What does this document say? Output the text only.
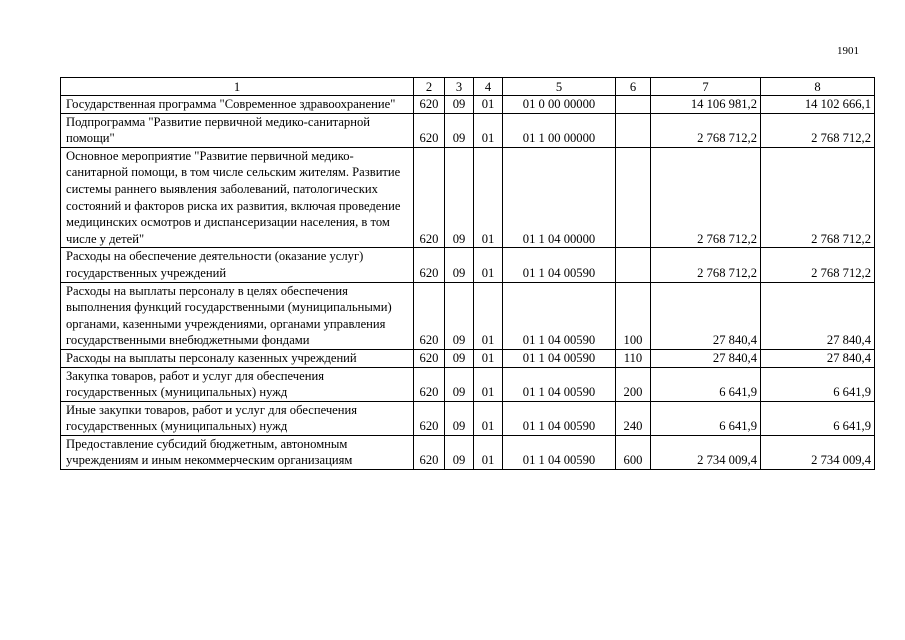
1901
1	2	3	4	5	6	7	8
Государственная программа "Современное здравоохранение"	620	09	01	01 0 00 00000		14 106 981,2	14 102 666,1
Подпрограмма "Развитие первичной медико-санитарной помощи"	620	09	01	01 1 00 00000		2 768 712,2	2 768 712,2
Основное мероприятие "Развитие первичной медико-санитарной помощи, в том числе сельским жителям. Развитие системы раннего выявления заболеваний, патологических состояний и факторов риска их развития, включая проведение медицинских осмотров и диспансеризации населения, в том числе у детей"	620	09	01	01 1 04 00000		2 768 712,2	2 768 712,2
Расходы на обеспечение деятельности (оказание услуг) государственных учреждений	620	09	01	01 1 04 00590		2 768 712,2	2 768 712,2
Расходы на выплаты персоналу в целях обеспечения выполнения функций государственными (муниципальными) органами, казенными учреждениями, органами управления государственными внебюджетными фондами	620	09	01	01 1 04 00590	100	27 840,4	27 840,4
Расходы на выплаты персоналу казенных учреждений	620	09	01	01 1 04 00590	110	27 840,4	27 840,4
Закупка товаров, работ и услуг для обеспечения государственных (муниципальных) нужд	620	09	01	01 1 04 00590	200	6 641,9	6 641,9
Иные закупки товаров, работ и услуг для обеспечения государственных (муниципальных) нужд	620	09	01	01 1 04 00590	240	6 641,9	6 641,9
Предоставление субсидий бюджетным, автономным учреждениям и иным некоммерческим организациям	620	09	01	01 1 04 00590	600	2 734 009,4	2 734 009,4
